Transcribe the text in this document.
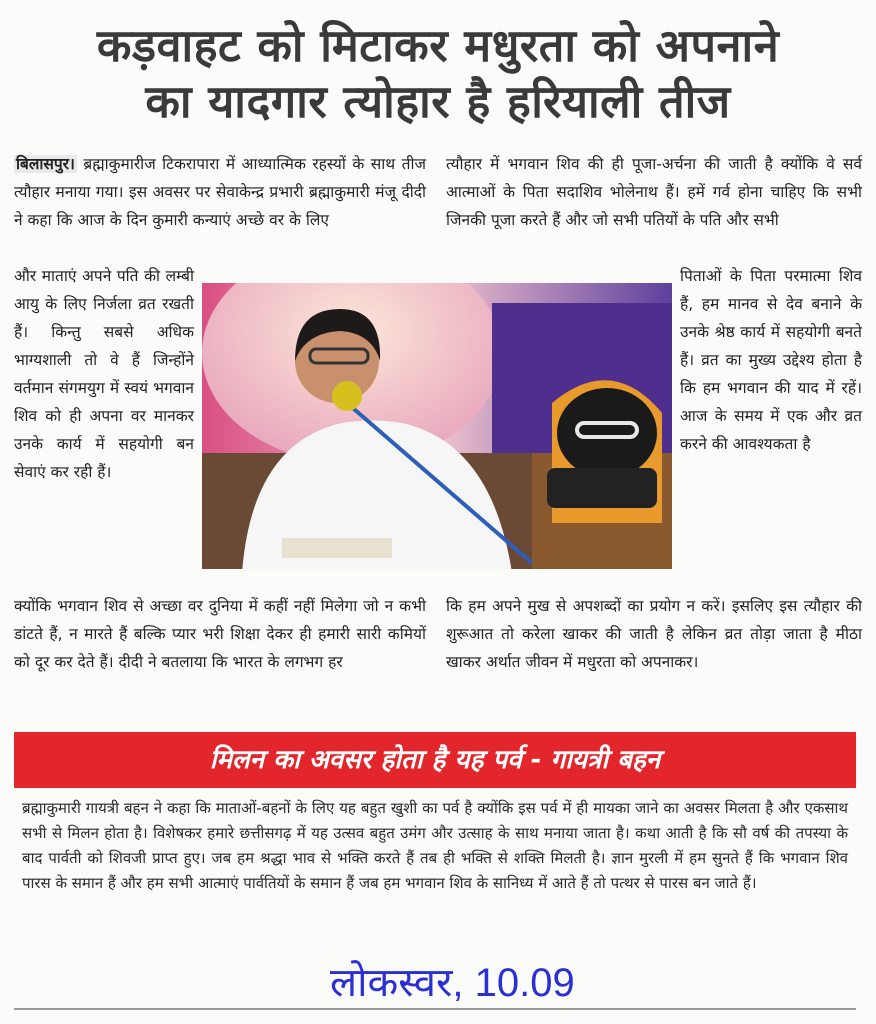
कड़वाहट को मिटाकर मधुरता को अपनाने
का यादगार त्योहार है हरियाली तीज
बिलासपुर। ब्रह्माकुमारीज टिकरापारा में आध्यात्मिक रहस्यों के साथ तीज त्यौहार मनाया गया। इस अवसर पर सेवाकेन्द्र प्रभारी ब्रह्माकुमारी मंजू दीदी ने कहा कि आज के दिन कुमारी कन्याएं अच्छे वर के लिए
त्यौहार में भगवान शिव की ही पूजा-अर्चना की जाती है क्योंकि वे सर्व आत्माओं के पिता सदाशिव भोलेनाथ हैं। हमें गर्व होना चाहिए कि सभी जिनकी पूजा करते हैं और जो सभी पतियों के पति और सभी
और माताएं अपने पति की लम्बी आयु के लिए निर्जला व्रत रखती हैं। किन्तु सबसे अधिक भाग्यशाली तो वे हैं जिन्होंने वर्तमान संगमयुग में स्वयं भगवान शिव को ही अपना वर मानकर उनके कार्य में सहयोगी बन सेवाएं कर रही हैं।
पिताओं के पिता परमात्मा शिव हैं, हम मानव से देव बनाने के उनके श्रेष्ठ कार्य में सहयोगी बनते हैं। व्रत का मुख्य उद्देश्य होता है कि हम भगवान की याद में रहें। आज के समय में एक और व्रत करने की आवश्यकता है
क्योंकि भगवान शिव से अच्छा वर दुनिया में कहीं नहीं मिलेगा जो न कभी डांटते हैं, न मारते हैं बल्कि प्यार भरी शिक्षा देकर ही हमारी सारी कमियों को दूर कर देते हैं। दीदी ने बतलाया कि भारत के लगभग हर
कि हम अपने मुख से अपशब्दों का प्रयोग न करें। इसलिए इस त्यौहार की शुरूआत तो करेला खाकर की जाती है लेकिन व्रत तोड़ा जाता है मीठा खाकर अर्थात जीवन में मधुरता को अपनाकर।
मिलन का अवसर होता है यह पर्व - गायत्री बहन
ब्रह्माकुमारी गायत्री बहन ने कहा कि माताओं-बहनों के लिए यह बहुत खुशी का पर्व है क्योंकि इस पर्व में ही मायका जाने का अवसर मिलता है और एकसाथ सभी से मिलन होता है। विशेषकर हमारे छत्तीसगढ़ में यह उत्सव बहुत उमंग और उत्साह के साथ मनाया जाता है। कथा आती है कि सौ वर्ष की तपस्या के बाद पार्वती को शिवजी प्राप्त हुए। जब हम श्रद्धा भाव से भक्ति करते हैं तब ही भक्ति से शक्ति मिलती है। ज्ञान मुरली में हम सुनते हैं कि भगवान शिव पारस के समान हैं और हम सभी आत्माएं पार्वतियों के समान हैं जब हम भगवान शिव के सानिध्य में आते हैं तो पत्थर से पारस बन जाते हैं।
लोकस्वर, 10.09
